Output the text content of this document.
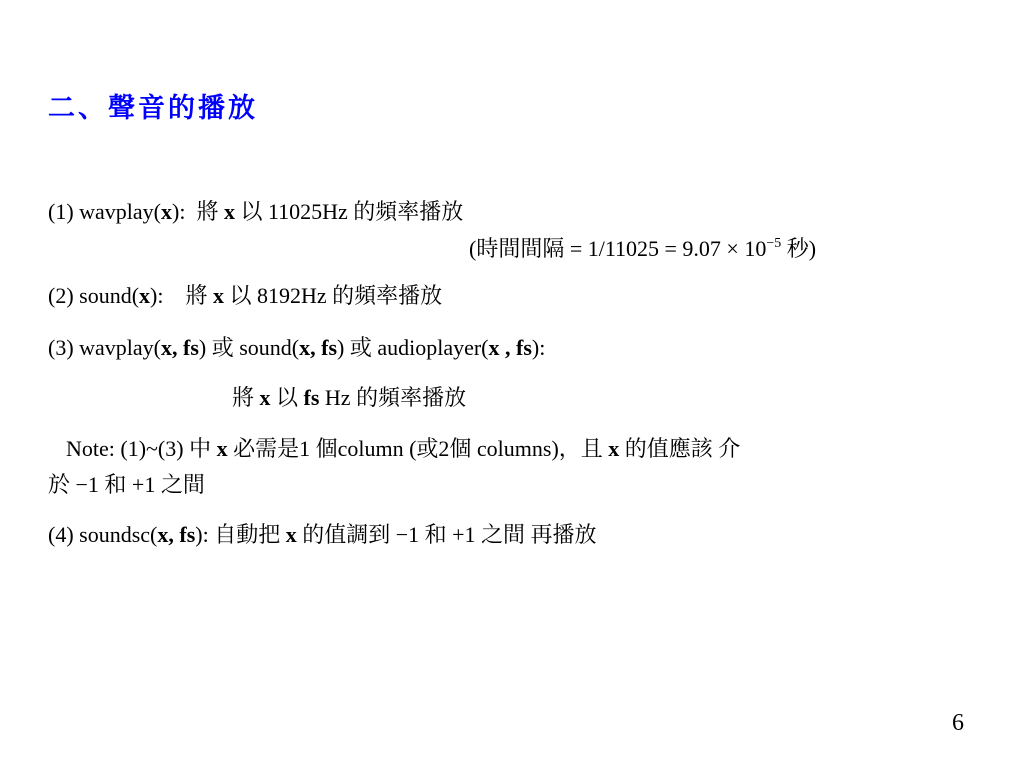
二、聲音的播放
(1) wavplay(x):  將 x 以 11025Hz 的頻率播放
(時間間隔 = $1/11025 = 9.07 \times 10^{-5}$ 秒)
(2) sound(x):    將 x 以 8192Hz 的頻率播放
(3) wavplay(x, fs) 或 sound(x, fs) 或 audioplayer(x , fs):
將 x 以 fs Hz 的頻率播放
Note: (1)~(3) 中 x 必需是1 個column (或2個 columns)，且 x 的值應該 介
於 −1 和 +1 之間
(4) soundsc(x, fs): 自動把 x 的值調到 −1 和 +1 之間 再播放
6
